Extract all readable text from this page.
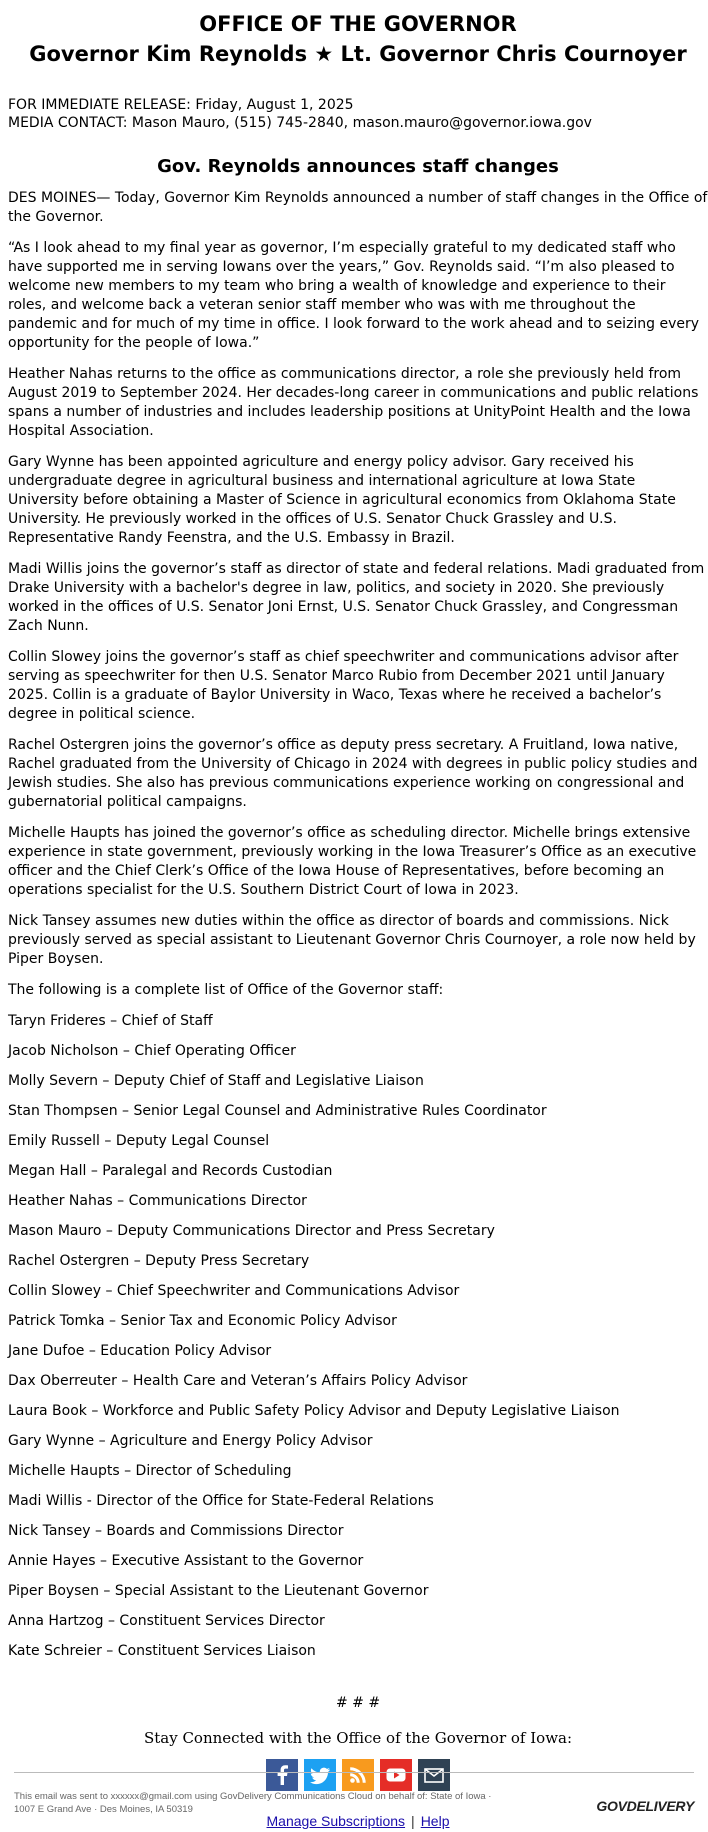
OFFICE OF THE GOVERNOR
Governor Kim Reynolds ★ Lt. Governor Chris Cournoyer
FOR IMMEDIATE RELEASE: Friday, August 1, 2025
MEDIA CONTACT: Mason Mauro, (515) 745-2840, mason.mauro@governor.iowa.gov
Gov. Reynolds announces staff changes

DES MOINES— Today, Governor Kim Reynolds announced a number of staff changes in the Office of the Governor.

“As I look ahead to my final year as governor, I’m especially grateful to my dedicated staff who have supported me in serving Iowans over the years,” Gov. Reynolds said. “I’m also pleased to welcome new members to my team who bring a wealth of knowledge and experience to their roles, and welcome back a veteran senior staff member who was with me throughout the pandemic and for much of my time in office. I look forward to the work ahead and to seizing every opportunity for the people of Iowa.”

Heather Nahas returns to the office as communications director, a role she previously held from August 2019 to September 2024. Her decades-long career in communications and public relations spans a number of industries and includes leadership positions at UnityPoint Health and the Iowa Hospital Association.

Gary Wynne has been appointed agriculture and energy policy advisor. Gary received his undergraduate degree in agricultural business and international agriculture at Iowa State University before obtaining a Master of Science in agricultural economics from Oklahoma State University. He previously worked in the offices of U.S. Senator Chuck Grassley and U.S. Representative Randy Feenstra, and the U.S. Embassy in Brazil.

Madi Willis joins the governor’s staff as director of state and federal relations. Madi graduated from Drake University with a bachelor's degree in law, politics, and society in 2020. She previously worked in the offices of U.S. Senator Joni Ernst, U.S. Senator Chuck Grassley, and Congressman Zach Nunn.

Collin Slowey joins the governor’s staff as chief speechwriter and communications advisor after serving as speechwriter for then U.S. Senator Marco Rubio from December 2021 until January 2025. Collin is a graduate of Baylor University in Waco, Texas where he received a bachelor’s degree in political science.

Rachel Ostergren joins the governor’s office as deputy press secretary. A Fruitland, Iowa native, Rachel graduated from the University of Chicago in 2024 with degrees in public policy studies and Jewish studies. She also has previous communications experience working on congressional and gubernatorial political campaigns.

Michelle Haupts has joined the governor’s office as scheduling director. Michelle brings extensive experience in state government, previously working in the Iowa Treasurer’s Office as an executive officer and the Chief Clerk’s Office of the Iowa House of Representatives, before becoming an operations specialist for the U.S. Southern District Court of Iowa in 2023.

Nick Tansey assumes new duties within the office as director of boards and commissions. Nick previously served as special assistant to Lieutenant Governor Chris Cournoyer, a role now held by Piper Boysen.

The following is a complete list of Office of the Governor staff:

Taryn Frideres – Chief of Staff

Jacob Nicholson – Chief Operating Officer

Molly Severn – Deputy Chief of Staff and Legislative Liaison

Stan Thompsen – Senior Legal Counsel and Administrative Rules Coordinator

Emily Russell – Deputy Legal Counsel

Megan Hall – Paralegal and Records Custodian

Heather Nahas – Communications Director

Mason Mauro – Deputy Communications Director and Press Secretary

Rachel Ostergren – Deputy Press Secretary

Collin Slowey – Chief Speechwriter and Communications Advisor

Patrick Tomka – Senior Tax and Economic Policy Advisor

Jane Dufoe – Education Policy Advisor

Dax Oberreuter – Health Care and Veteran’s Affairs Policy Advisor

Laura Book – Workforce and Public Safety Policy Advisor and Deputy Legislative Liaison

Gary Wynne – Agriculture and Energy Policy Advisor

Michelle Haupts – Director of Scheduling

Madi Willis - Director of the Office for State-Federal Relations

Nick Tansey – Boards and Commissions Director

Annie Hayes – Executive Assistant to the Governor

Piper Boysen – Special Assistant to the Lieutenant Governor

Anna Hartzog – Constituent Services Director

Kate Schreier – Constituent Services Liaison

# # #
Stay Connected with the Office of the Governor of Iowa:
Manage Subscriptions | Help
This email was sent to xxxxxx@gmail.com using GovDelivery Communications Cloud on behalf of: State of Iowa · 1007 E Grand Ave · Des Moines, IA 50319	GOVDELIVERY
